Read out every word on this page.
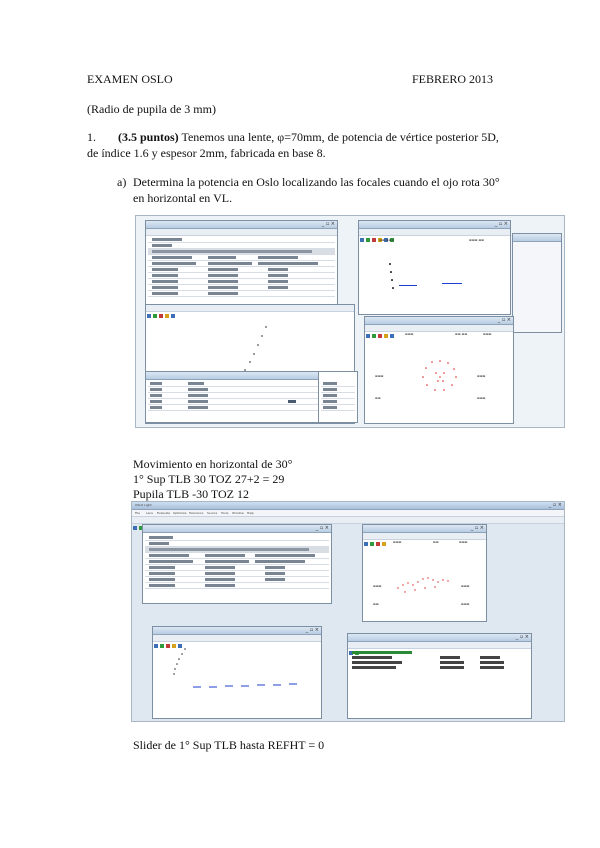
EXAMEN OSLO	FEBRERO 2013
(Radio de pupila de 3 mm)
1. (3.5 puntos) Tenemos una lente, φ=70mm, de potencia de vértice posterior 5D,
de índice 1.6 y espesor 2mm, fabricada en base 8.
a) Determina la potencia en Oslo localizando las focales cuando el ojo rota 30°
en horizontal en VL.
_ ▫ ×	_ ▫ ×
▬▬ ▬▬▬	▬▬▬ ▬▬
_ ▫ ×
▬▬▬	▬▬ ▬▬	▬▬▬
▬▬▬	▬▬▬
▬▬	▬▬▬
Movimiento en horizontal de 30°
1° Sup TLB 30 TOZ 27+2 = 29
Pupila TLB -30 TOZ 12
OSLO Light	_ ▫ ×
File Lens Evaluate Optimize Tolerance Source Tools Window Help
_ ▫ ×	_ ▫ ×
▬▬▬	▬▬	▬▬▬
▬▬▬	▬▬▬
▬▬	▬▬▬
_ ▫ ×
_ ▫ ×
Slider de 1° Sup TLB hasta REFHT = 0
